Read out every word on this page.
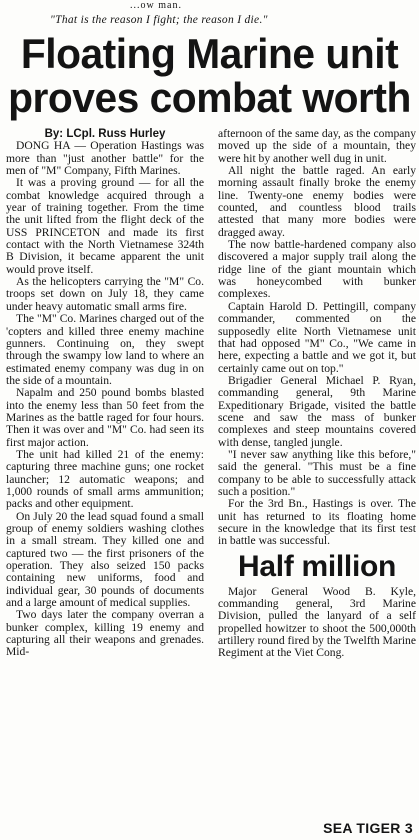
...ow man.
"That is the reason I fight; the reason I die."
Floating Marine unit proves combat worth

By: LCpl. Russ Hurley

DONG HA — Operation Hastings was more than "just another battle" for the men of "M" Company, Fifth Marines.

It was a proving ground — for all the combat knowledge acquired through a year of training together. From the time the unit lifted from the flight deck of the USS PRINCETON and made its first contact with the North Vietnamese 324th B Division, it became apparent the unit would prove itself.

As the helicopters carrying the "M" Co. troops set down on July 18, they came under heavy automatic small arms fire.

The "M" Co. Marines charged out of the 'copters and killed three enemy machine gunners. Continuing on, they swept through the swampy low land to where an estimated enemy company was dug in on the side of a mountain.

Napalm and 250 pound bombs blasted into the enemy less than 50 feet from the Marines as the battle raged for four hours. Then it was over and "M" Co. had seen its first major action.

The unit had killed 21 of the enemy: capturing three machine guns; one rocket launcher; 12 automatic weapons; and 1,000 rounds of small arms ammunition; packs and other equipment.

On July 20 the lead squad found a small group of enemy soldiers washing clothes in a small stream. They killed one and captured two — the first prisoners of the operation. They also seized 150 packs containing new uniforms, food and individual gear, 30 pounds of documents and a large amount of medical supplies.

Two days later the company overran a bunker complex, killing 19 enemy and capturing all their weapons and grenades. Mid-

afternoon of the same day, as the company moved up the side of a mountain, they were hit by another well dug in unit.

All night the battle raged. An early morning assault finally broke the enemy line. Twenty-one enemy bodies were counted, and countless blood trails attested that many more bodies were dragged away.

The now battle-hardened company also discovered a major supply trail along the ridge line of the giant mountain which was honeycombed with bunker complexes.

Captain Harold D. Pettingill, company commander, commented on the supposedly elite North Vietnamese unit that had opposed "M" Co., "We came in here, expecting a battle and we got it, but certainly came out on top."

Brigadier General Michael P. Ryan, commanding general, 9th Marine Expeditionary Brigade, visited the battle scene and saw the mass of bunker complexes and steep mountains covered with dense, tangled jungle.

"I never saw anything like this before," said the general. "This must be a fine company to be able to successfully attack such a position."

For the 3rd Bn., Hastings is over. The unit has returned to its floating home secure in the knowledge that its first test in battle was successful.

Half million

Major General Wood B. Kyle, commanding general, 3rd Marine Division, pulled the lanyard of a self propelled howitzer to shoot the 500,000th artillery round fired by the Twelfth Marine Regiment at the Viet Cong.

SEA TIGER 3
